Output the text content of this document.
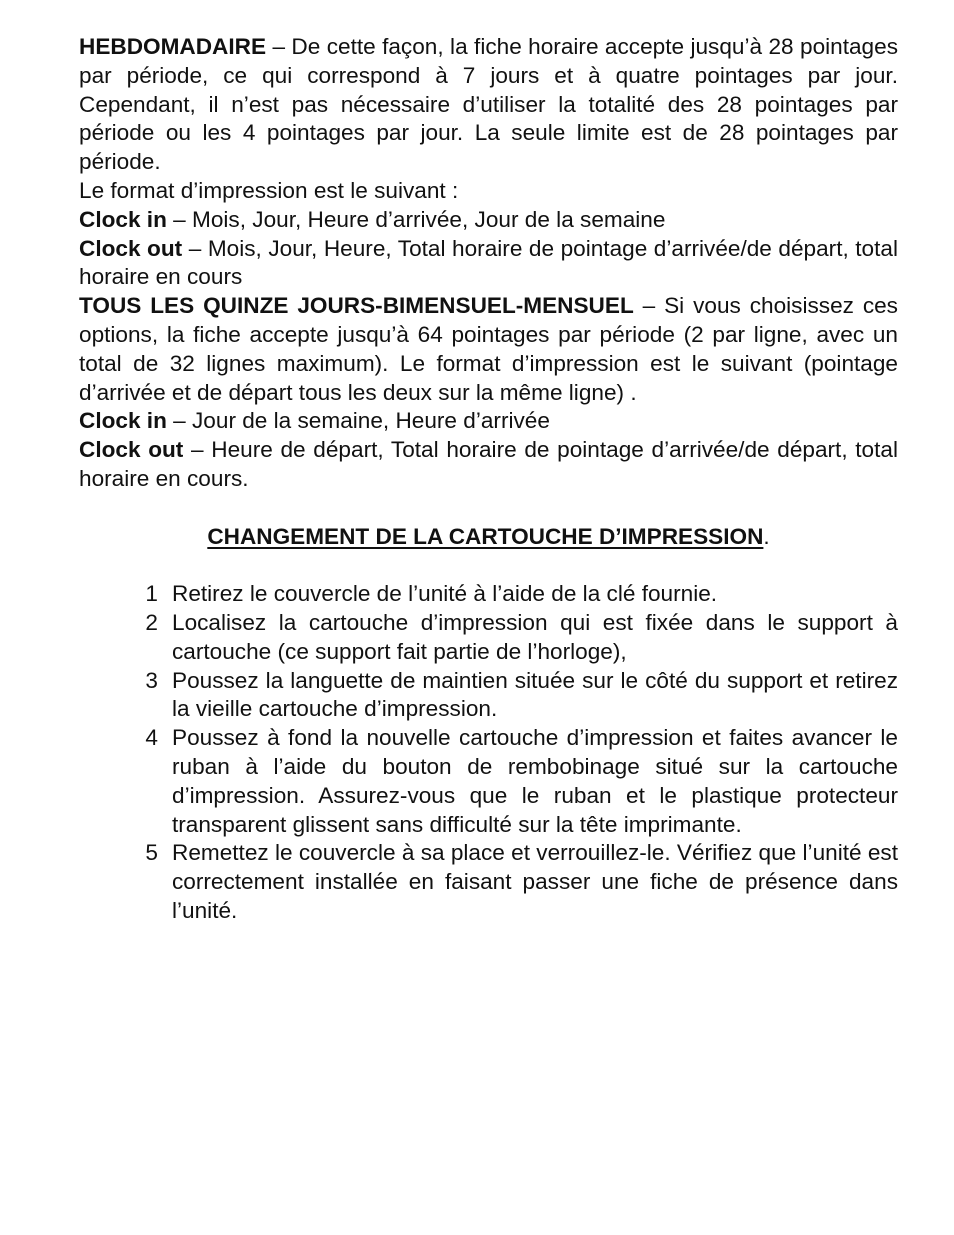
HEBDOMADAIRE – De cette façon, la fiche horaire accepte jusqu’à 28 pointages par période, ce qui correspond à 7 jours et à quatre pointages par jour. Cependant, il n’est pas nécessaire d’utiliser la totalité des 28 pointages par période ou les 4 pointages par jour. La seule limite est de 28 pointages par période.

Le format d’impression est le suivant :

Clock in – Mois, Jour, Heure d’arrivée, Jour de la semaine

Clock out – Mois, Jour, Heure, Total horaire de pointage d’arrivée/de départ, total horaire en cours

TOUS LES QUINZE JOURS-BIMENSUEL-MENSUEL – Si vous choisissez ces options, la fiche accepte jusqu’à 64 pointages par période (2 par ligne, avec un total de 32 lignes maximum). Le format d’impression est le suivant (pointage d’arrivée et de départ tous les deux sur la même ligne) .

Clock in – Jour de la semaine, Heure d’arrivée

Clock out – Heure de départ, Total horaire de pointage d’arrivée/de départ, total horaire en cours.

CHANGEMENT DE LA CARTOUCHE D’IMPRESSION.

1 Retirez le couvercle de l’unité à l’aide de la clé fournie.
2 Localisez la cartouche d’impression qui est fixée dans le support à cartouche (ce support fait partie de l’horloge),
3 Poussez la languette de maintien située sur le côté du support et retirez la vieille cartouche d’impression.
4 Poussez à fond la nouvelle cartouche d’impression et faites avancer le ruban à l’aide du bouton de rembobinage situé sur la cartouche d’impression. Assurez-vous que le ruban et le plastique protecteur transparent glissent sans difficulté sur la tête imprimante.
5 Remettez le couvercle à sa place et verrouillez-le. Vérifiez que l’unité est correctement installée en faisant passer une fiche de présence dans l’unité.
